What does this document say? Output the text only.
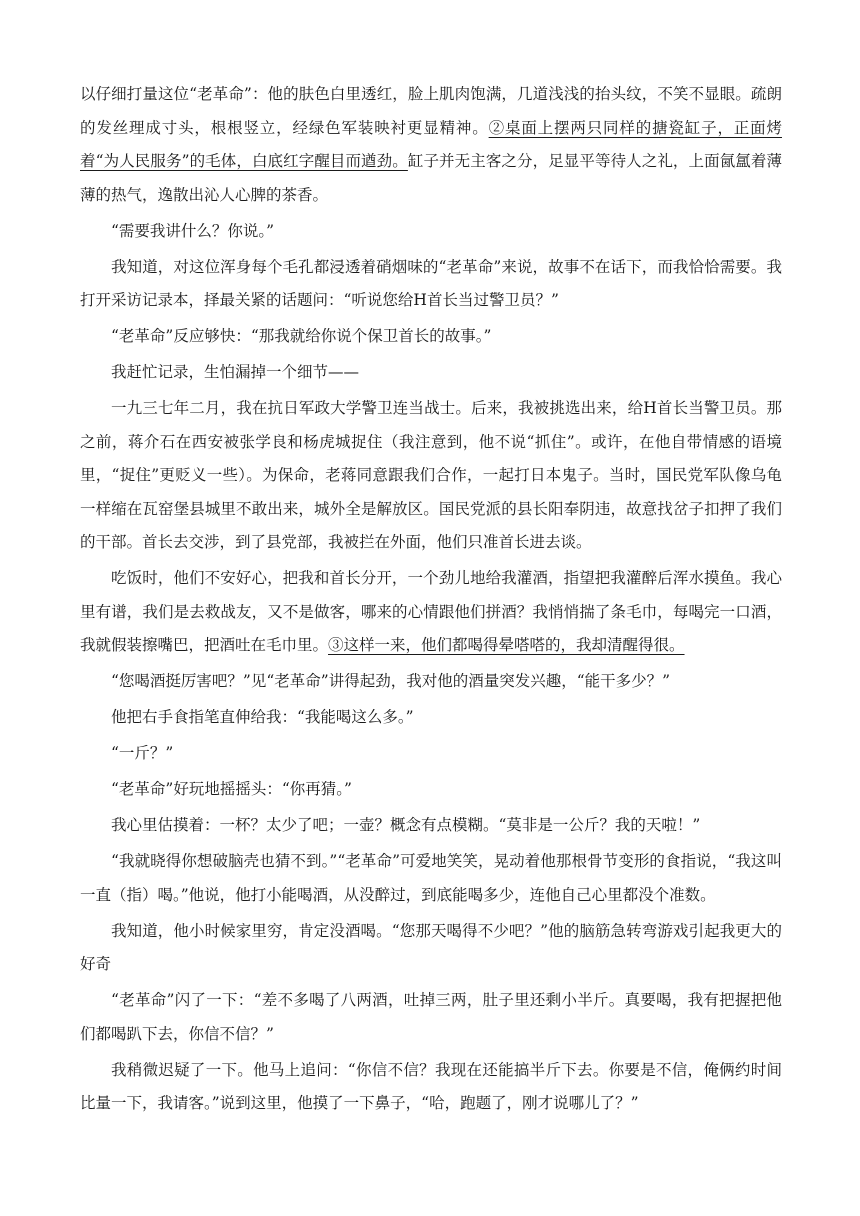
以仔细打量这位“老革命”：他的肤色白里透红，脸上肌肉饱满，几道浅浅的抬头纹，不笑不显眼。疏朗的发丝理成寸头，根根竖立，经绿色军装映衬更显精神。②桌面上摆两只同样的搪瓷缸子，正面烤着“为人民服务”的毛体，白底红字醒目而遒劲。缸子并无主客之分，足显平等待人之礼，上面氤氲着薄薄的热气，逸散出沁人心脾的茶香。

“需要我讲什么？你说。”

我知道，对这位浑身每个毛孔都浸透着硝烟味的“老革命”来说，故事不在话下，而我恰恰需要。我打开采访记录本，择最关紧的话题问：“听说您给H首长当过警卫员？”

“老革命”反应够快：“那我就给你说个保卫首长的故事。”

我赶忙记录，生怕漏掉一个细节——

一九三七年二月，我在抗日军政大学警卫连当战士。后来，我被挑选出来，给H首长当警卫员。那之前，蒋介石在西安被张学良和杨虎城捉住（我注意到，他不说“抓住”。或许，在他自带情感的语境里，“捉住”更贬义一些）。为保命，老蒋同意跟我们合作，一起打日本鬼子。当时，国民党军队像乌龟一样缩在瓦窑堡县城里不敢出来，城外全是解放区。国民党派的县长阳奉阴违，故意找岔子扣押了我们的干部。首长去交涉，到了县党部，我被拦在外面，他们只准首长进去谈。

吃饭时，他们不安好心，把我和首长分开，一个劲儿地给我灌酒，指望把我灌醉后浑水摸鱼。我心里有谱，我们是去救战友，又不是做客，哪来的心情跟他们拼酒？我悄悄揣了条毛巾，每喝完一口酒，我就假装擦嘴巴，把酒吐在毛巾里。③这样一来，他们都喝得晕嗒嗒的，我却清醒得很。

“您喝酒挺厉害吧？”见“老革命”讲得起劲，我对他的酒量突发兴趣，“能干多少？”

他把右手食指笔直伸给我：“我能喝这么多。”

“一斤？”

“老革命”好玩地摇摇头：“你再猜。”

我心里估摸着：一杯？太少了吧；一壶？概念有点模糊。“莫非是一公斤？我的天啦！”

“我就晓得你想破脑壳也猜不到。”“老革命”可爱地笑笑，晃动着他那根骨节变形的食指说，“我这叫一直（指）喝。”他说，他打小能喝酒，从没醉过，到底能喝多少，连他自己心里都没个准数。

我知道，他小时候家里穷，肯定没酒喝。“您那天喝得不少吧？”他的脑筋急转弯游戏引起我更大的好奇

“老革命”闪了一下：“差不多喝了八两酒，吐掉三两，肚子里还剩小半斤。真要喝，我有把握把他们都喝趴下去，你信不信？”

我稍微迟疑了一下。他马上追问：“你信不信？我现在还能搞半斤下去。你要是不信，俺俩约时间比量一下，我请客。”说到这里，他摸了一下鼻子，“哈，跑题了，刚才说哪儿了？”
